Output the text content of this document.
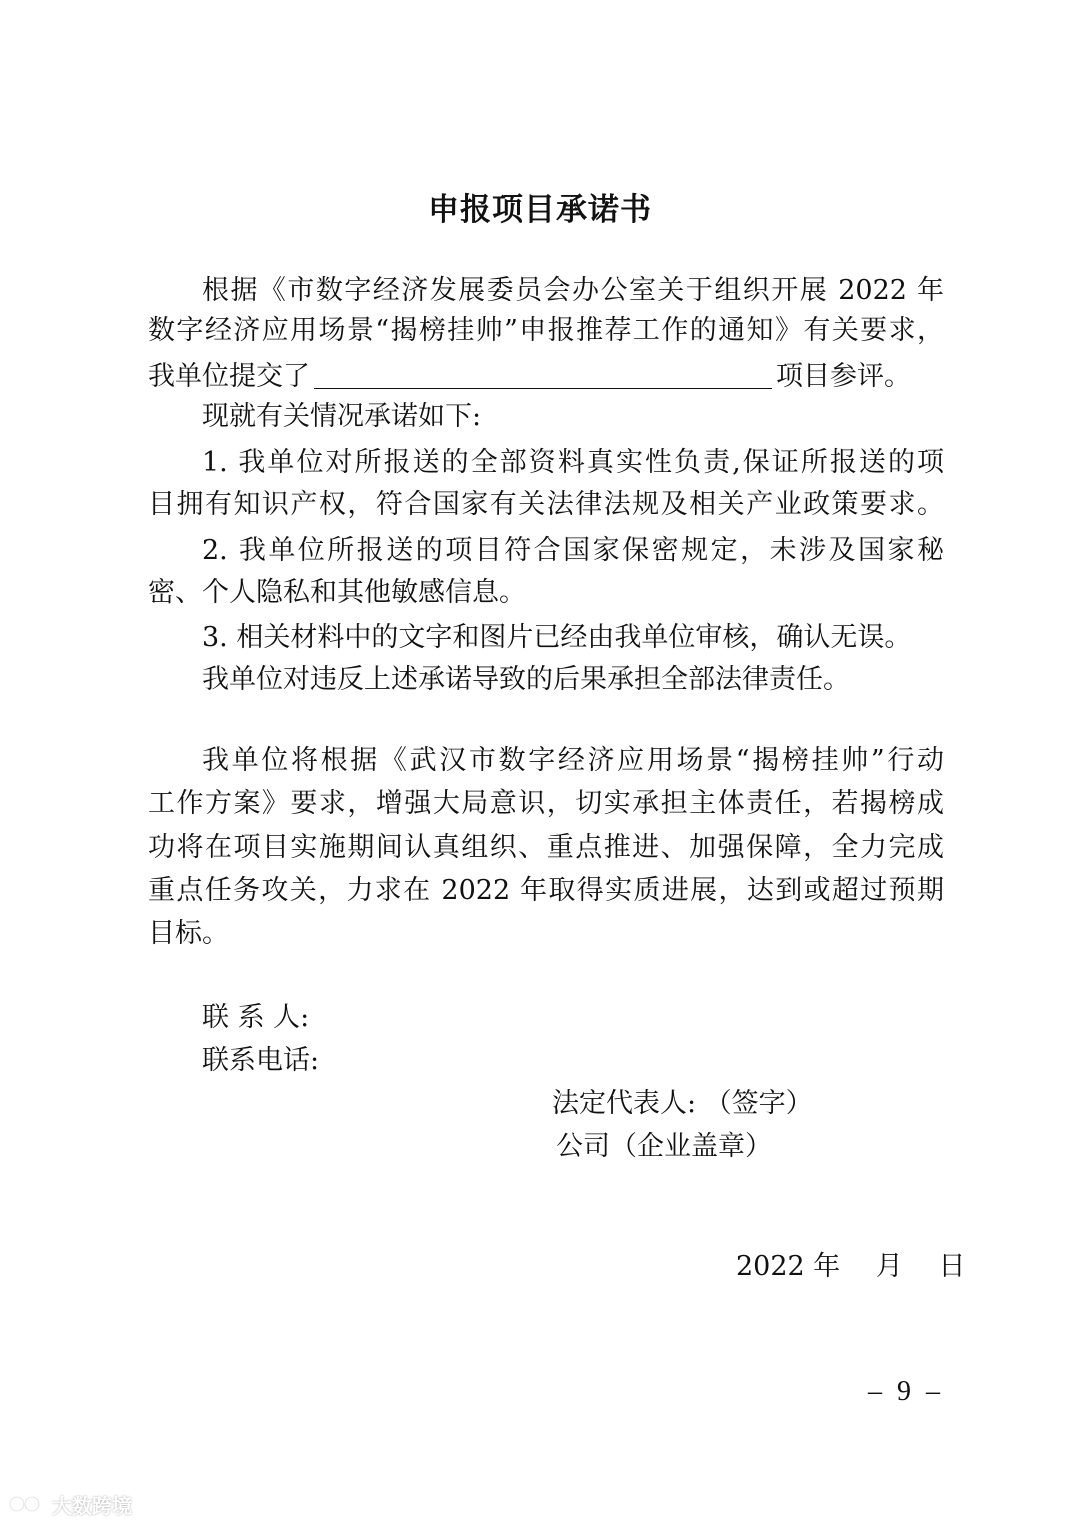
申报项目承诺书
根据《市数字经济发展委员会办公室关于组织开展 2022 年
数字经济应用场景“揭榜挂帅”申报推荐工作的通知》有关要求，
我单位提交了	项目参评。
现就有关情况承诺如下:
1. 我单位对所报送的全部资料真实性负责,保证所报送的项
目拥有知识产权，符合国家有关法律法规及相关产业政策要求。
2. 我单位所报送的项目符合国家保密规定，未涉及国家秘
密、个人隐私和其他敏感信息。
3. 相关材料中的文字和图片已经由我单位审核，确认无误。
我单位对违反上述承诺导致的后果承担全部法律责任。
我单位将根据《武汉市数字经济应用场景“揭榜挂帅”行动
工作方案》要求，增强大局意识，切实承担主体责任，若揭榜成
功将在项目实施期间认真组织、重点推进、加强保障，全力完成
重点任务攻关，力求在 2022 年取得实质进展，达到或超过预期
目标。
联 系 人:
联系电话:
法定代表人: （签字）
公司（企业盖章）
2022 年　 月　 日
– 9 –
大数跨境
